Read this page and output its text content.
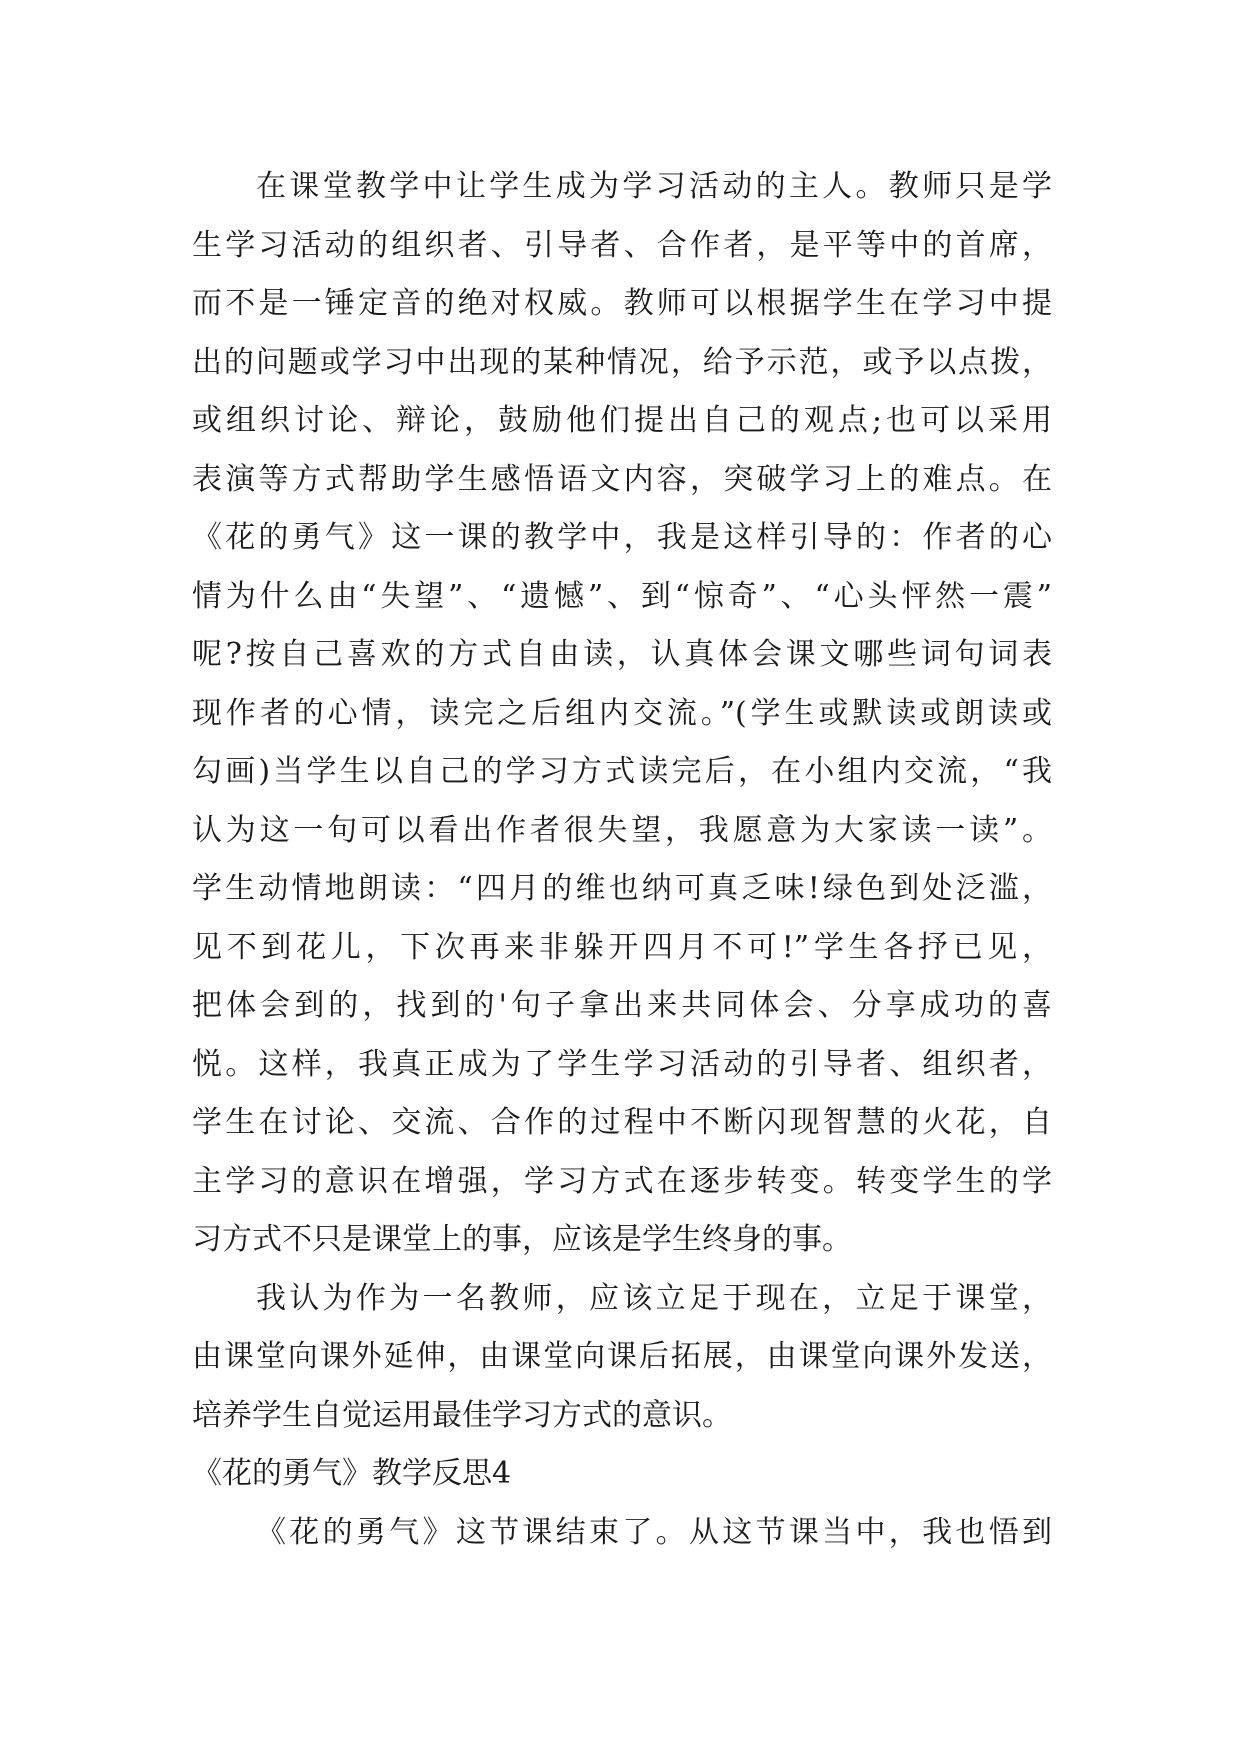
在课堂教学中让学生成为学习活动的主人。教师只是学
生学习活动的组织者、引导者、合作者，是平等中的首席，
而不是一锤定音的绝对权威。教师可以根据学生在学习中提
出的问题或学习中出现的某种情况，给予示范，或予以点拨，
或组织讨论、辩论，鼓励他们提出自己的观点;也可以采用
表演等方式帮助学生感悟语文内容，突破学习上的难点。在
《花的勇气》这一课的教学中，我是这样引导的：作者的心
情为什么由“失望”、“遗憾”、到“惊奇”、“心头怦然一震”
呢?按自己喜欢的方式自由读，认真体会课文哪些词句词表
现作者的心情，读完之后组内交流。”(学生或默读或朗读或
勾画)当学生以自己的学习方式读完后，在小组内交流，“我
认为这一句可以看出作者很失望，我愿意为大家读一读”。
学生动情地朗读：“四月的维也纳可真乏味!绿色到处泛滥，
见不到花儿，下次再来非躲开四月不可!”学生各抒已见，
把体会到的，找到的'句子拿出来共同体会、分享成功的喜
悦。这样，我真正成为了学生学习活动的引导者、组织者，
学生在讨论、交流、合作的过程中不断闪现智慧的火花，自
主学习的意识在增强，学习方式在逐步转变。转变学生的学
习方式不只是课堂上的事，应该是学生终身的事。
我认为作为一名教师，应该立足于现在，立足于课堂，
由课堂向课外延伸，由课堂向课后拓展，由课堂向课外发送，
培养学生自觉运用最佳学习方式的意识。
《花的勇气》教学反思4
《花的勇气》这节课结束了。从这节课当中，我也悟到
